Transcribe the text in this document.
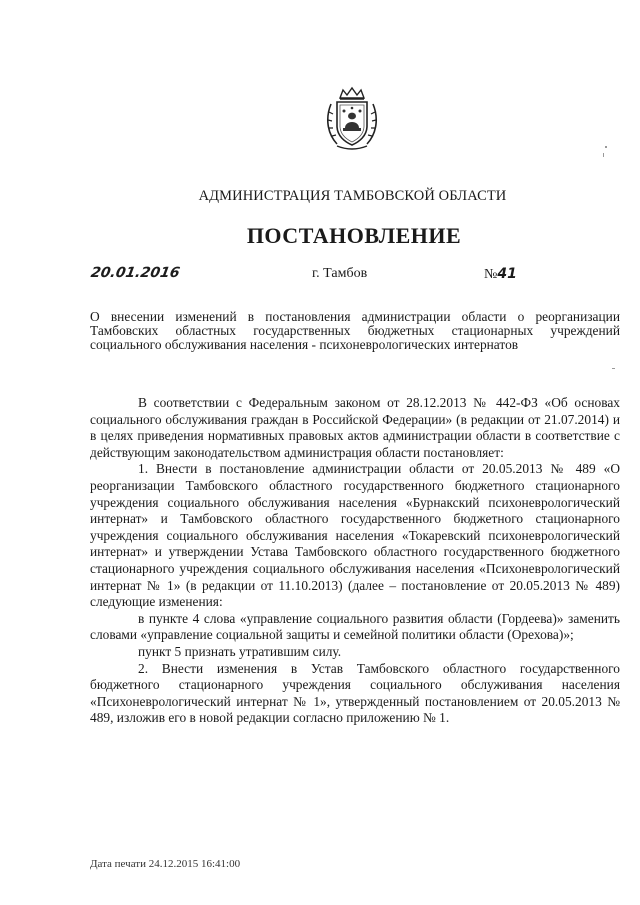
АДМИНИСТРАЦИЯ ТАМБОВСКОЙ ОБЛАСТИ
ПОСТАНОВЛЕНИЕ
20.01.2016	г. Тамбов	№41
О внесении изменений в постановления администрации области о реорганизации Тамбовских областных государственных бюджетных стационарных учреждений социального обслуживания населения - психоневрологических интернатов

В соответствии с Федеральным законом от 28.12.2013 № 442-ФЗ «Об основах социального обслуживания граждан в Российской Федерации» (в редакции от 21.07.2014) и в целях приведения нормативных правовых актов администрации области в соответствие с действующим законодательством администрация области постановляет:

1. Внести в постановление администрации области от 20.05.2013 № 489 «О реорганизации Тамбовского областного государственного бюджетного стационарного учреждения социального обслуживания населения «Бурнакский психоневрологический интернат» и Тамбовского областного государственного бюджетного стационарного учреждения социального обслуживания населения «Токаревский психоневрологический интернат» и утверждении Устава Тамбовского областного государственного бюджетного стационарного учреждения социального обслуживания населения «Психоневрологический интернат № 1» (в редакции от 11.10.2013) (далее – постановление от 20.05.2013 № 489) следующие изменения:

в пункте 4 слова «управление социального развития области (Гордеева)» заменить словами «управление социальной защиты и семейной политики области (Орехова)»;

пункт 5 признать утратившим силу.

2. Внести изменения в Устав Тамбовского областного государственного бюджетного стационарного учреждения социального обслуживания населения «Психоневрологический интернат № 1», утвержденный постановлением от 20.05.2013 № 489, изложив его в новой редакции согласно приложению № 1.

Дата печати 24.12.2015 16:41:00
